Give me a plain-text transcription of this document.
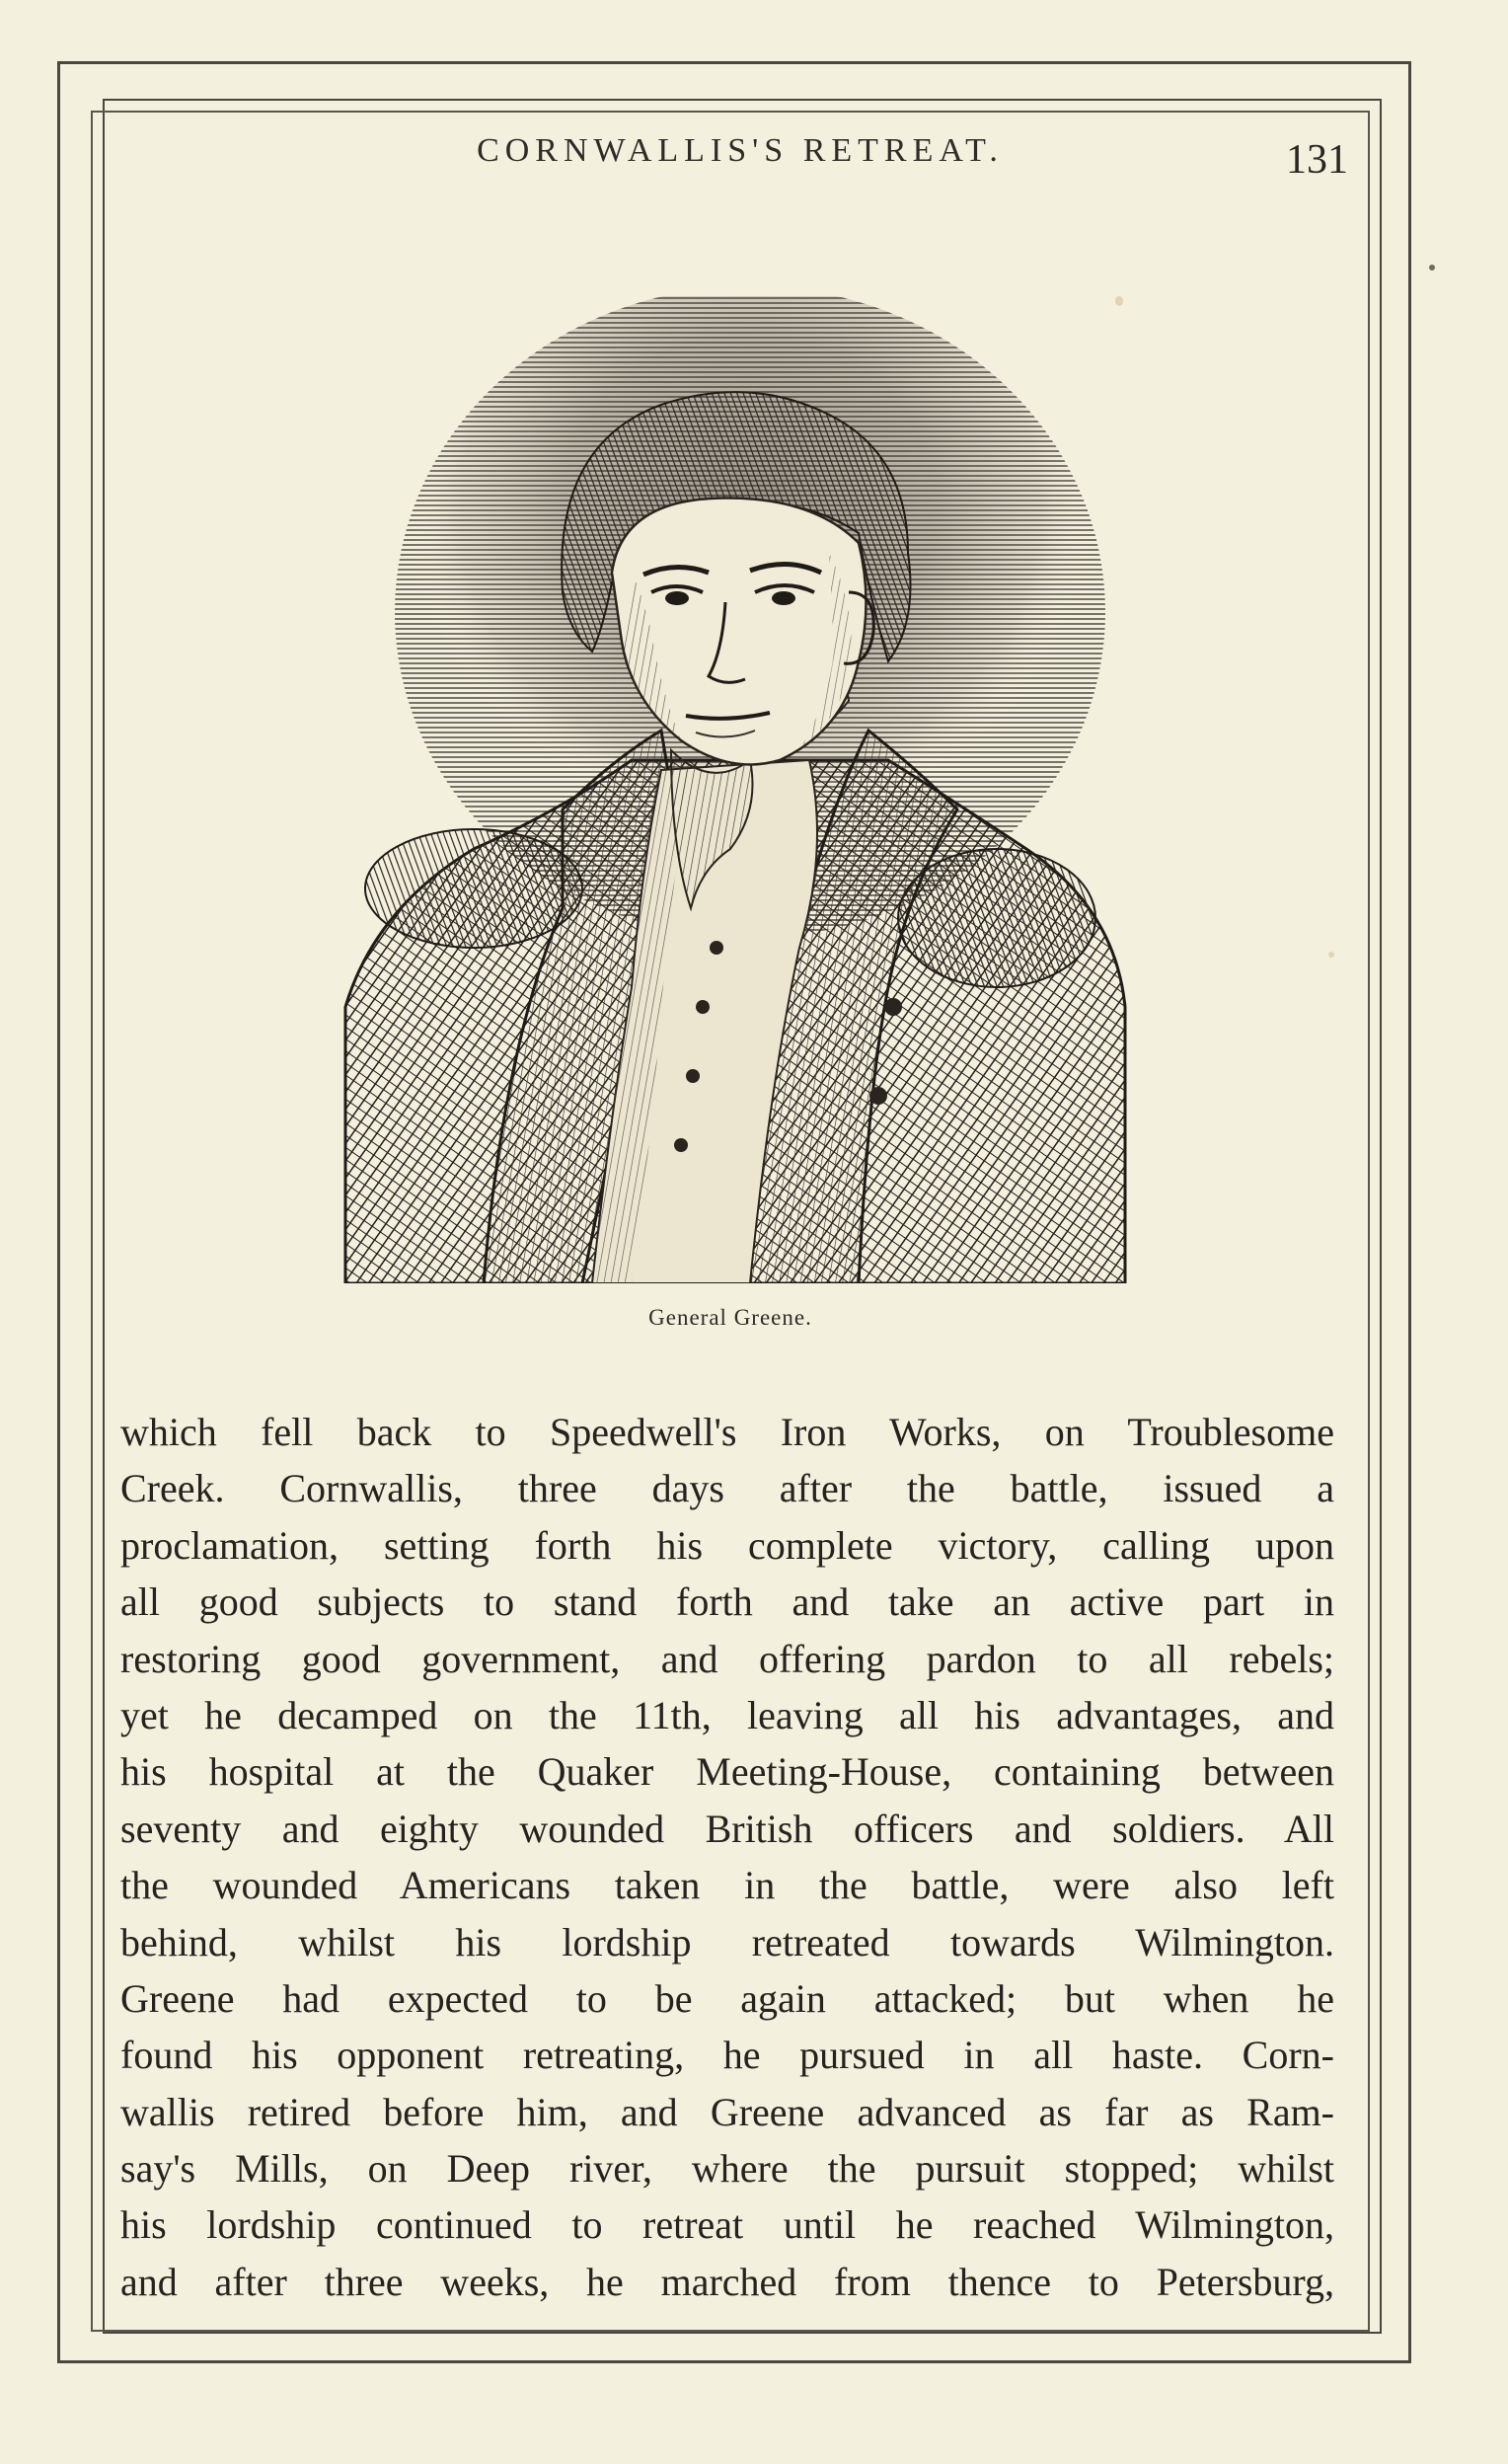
CORNWALLIS'S RETREAT.	131
General Greene.
which fell back to Speedwell's Iron Works, on Troublesome
Creek. Cornwallis, three days after the battle, issued a
proclamation, setting forth his complete victory, calling upon
all good subjects to stand forth and take an active part in
restoring good government, and offering pardon to all rebels;
yet he decamped on the 11th, leaving all his advantages, and
his hospital at the Quaker Meeting-House, containing between
seventy and eighty wounded British officers and soldiers. All
the wounded Americans taken in the battle, were also left
behind, whilst his lordship retreated towards Wilmington.
Greene had expected to be again attacked; but when he
found his opponent retreating, he pursued in all haste. Corn-
wallis retired before him, and Greene advanced as far as Ram-
say's Mills, on Deep river, where the pursuit stopped; whilst
his lordship continued to retreat until he reached Wilmington,
and after three weeks, he marched from thence to Petersburg,
